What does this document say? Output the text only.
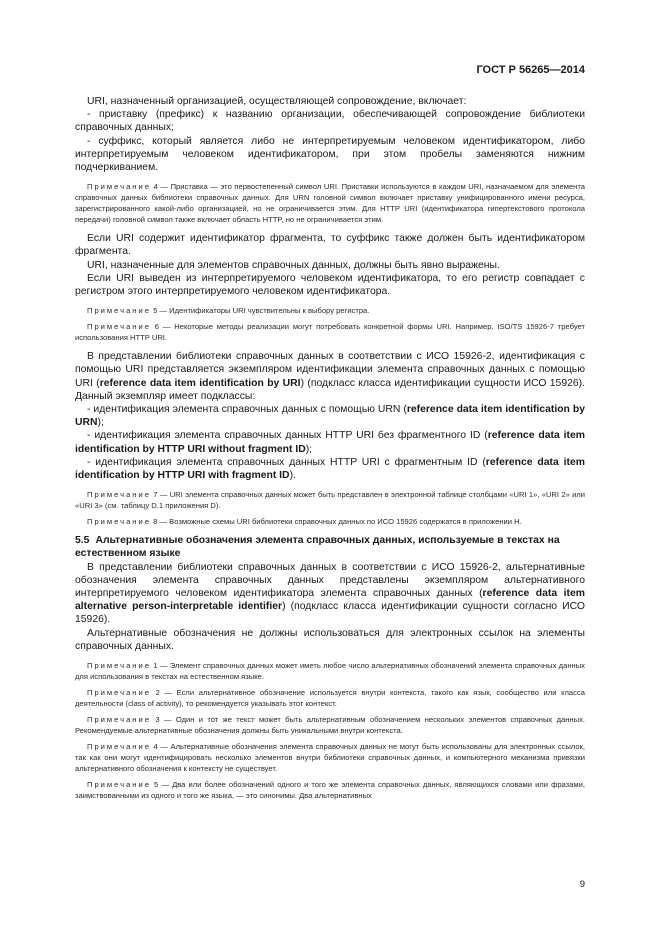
ГОСТ Р 56265—2014

URI, назначенный организацией, осуществляющей сопровождение, включает:

- приставку (префикс) к названию организации, обеспечивающей сопровождение библиотеки справочных данных;

- суффикс, который является либо не интерпретируемым человеком идентификатором, либо интерпретируемым человеком идентификатором, при этом пробелы заменяются нижним подчеркиванием.

Примечание 4 — Приставка — это первостепенный символ URI. Приставки используются в каждом URI, назначаемом для элемента справочных данных библиотеки справочных данных. Для URN головной символ включает приставку унифицированного имени ресурса, зарегистрированного какой-либо организацией, но не ограничивается этим. Для HTTP URI (идентификатора гипертекстового протокола передачи) головной символ также включает область HTTP, но не ограничивается этим.

Если URI содержит идентификатор фрагмента, то суффикс также должен быть идентификатором фрагмента.

URI, назначенные для элементов справочных данных, должны быть явно выражены.

Если URI выведен из интерпретируемого человеком идентификатора, то его регистр совпадает с регистром этого интерпретируемого человеком идентификатора.

Примечание 5 — Идентификаторы URI чувствительны к выбору регистра.

Примечание 6 — Некоторые методы реализации могут потребовать конкретной формы URI. Например, ISO/TS 15926-7 требует использования HTTP URI.

В представлении библиотеки справочных данных в соответствии с ИСО 15926-2, идентификация с помощью URI представляется экземпляром идентификации элемента справочных данных с помощью URI (reference data item identification by URI) (подкласс класса идентификации сущности ИСО 15926). Данный экземпляр имеет подклассы:

- идентификация элемента справочных данных с помощью URN (reference data item identification by URN);

- идентификация элемента справочных данных HTTP URI без фрагментного ID (reference data item identification by HTTP URI without fragment ID);

- идентификация элемента справочных данных HTTP URI с фрагментным ID (reference data item identification by HTTP URI with fragment ID).

Примечание 7 — URI элемента справочных данных может быть представлен в электронной таблице столбцами «URI 1», «URI 2» или «URI 3» (см. таблицу D.1 приложения D).

Примечание 8 — Возможные схемы URI библиотеки справочных данных по ИСО 15926 содержатся в приложении H.

5.5 Альтернативные обозначения элемента справочных данных, используемые в текстах на естественном языке

В представлении библиотеки справочных данных в соответствии с ИСО 15926-2, альтернативные обозначения элемента справочных данных представлены экземпляром альтернативного интерпретируемого человеком идентификатора элемента справочных данных (reference data item alternative person-interpretable identifier) (подкласс класса идентификации сущности согласно ИСО 15926).

Альтернативные обозначения не должны использоваться для электронных ссылок на элементы справочных данных.

Примечание 1 — Элемент справочных данных может иметь любое число альтернативных обозначений элемента справочных данных для использования в текстах на естественном языке.

Примечание 2 — Если альтернативное обозначение используется внутри контекста, такого как язык, сообщество или класса деятельности (class of activity), то рекомендуется указывать этот контекст.

Примечание 3 — Один и тот же текст может быть альтернативным обозначением нескольких элементов справочных данных. Рекомендуемые альтернативные обозначения должны быть уникальными внутри контекста.

Примечание 4 — Альтернативные обозначения элемента справочных данных не могут быть использованы для электронных ссылок, так как они могут идентифицировать несколько элементов внутри библиотеки справочных данных, и компьютерного механизма привязки альтернативного обозначения к контексту не существует.

Примечание 5 — Два или более обозначений одного и того же элемента справочных данных, являющихся словами или фразами, заимствованными из одного и того же языка, — это синонимы. Два альтернативных

9
